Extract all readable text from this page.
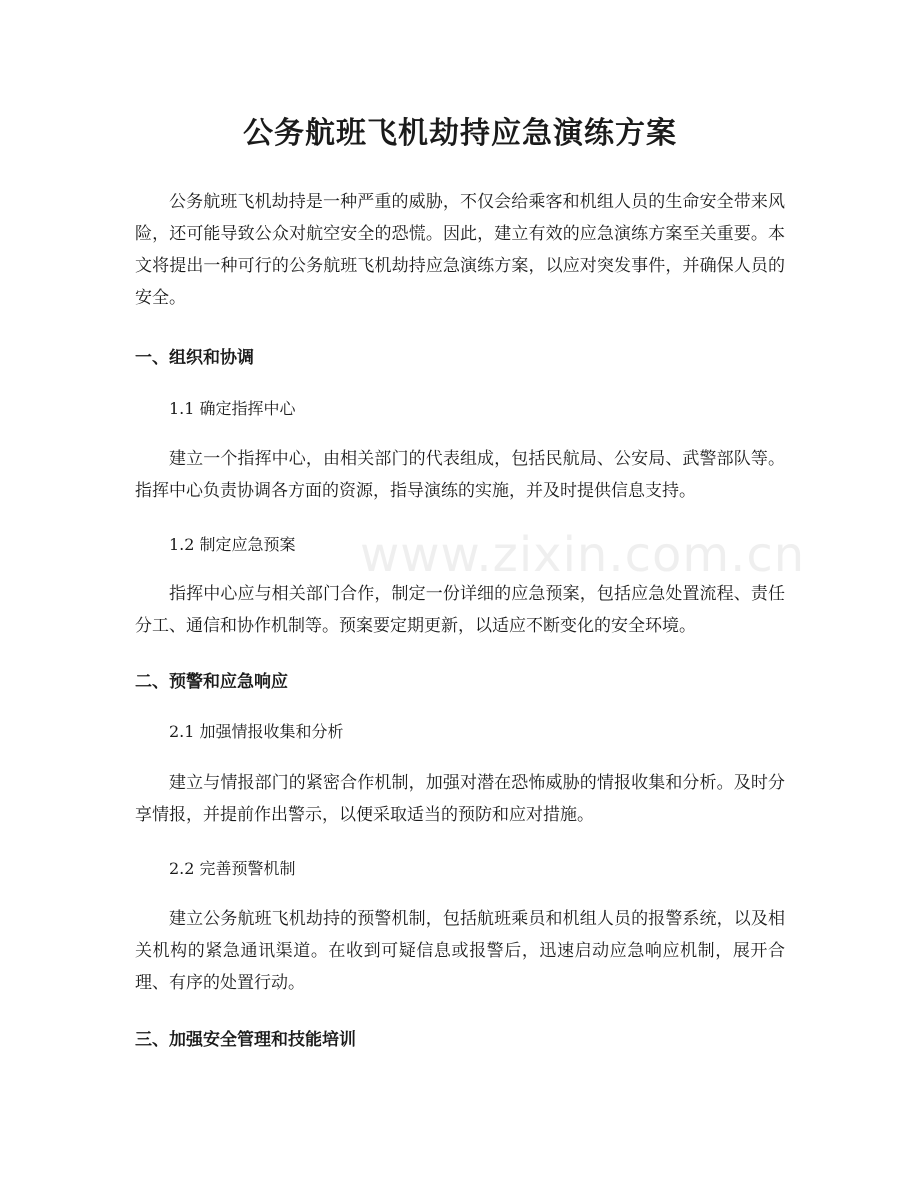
公务航班飞机劫持应急演练方案

公务航班飞机劫持是一种严重的威胁，不仅会给乘客和机组人员的生命安全带来风险，还可能导致公众对航空安全的恐慌。因此，建立有效的应急演练方案至关重要。本文将提出一种可行的公务航班飞机劫持应急演练方案，以应对突发事件，并确保人员的安全。

一、组织和协调

1.1 确定指挥中心

建立一个指挥中心，由相关部门的代表组成，包括民航局、公安局、武警部队等。指挥中心负责协调各方面的资源，指导演练的实施，并及时提供信息支持。

1.2 制定应急预案

指挥中心应与相关部门合作，制定一份详细的应急预案，包括应急处置流程、责任分工、通信和协作机制等。预案要定期更新，以适应不断变化的安全环境。

二、预警和应急响应

2.1 加强情报收集和分析

建立与情报部门的紧密合作机制，加强对潜在恐怖威胁的情报收集和分析。及时分享情报，并提前作出警示，以便采取适当的预防和应对措施。

2.2 完善预警机制

建立公务航班飞机劫持的预警机制，包括航班乘员和机组人员的报警系统，以及相关机构的紧急通讯渠道。在收到可疑信息或报警后，迅速启动应急响应机制，展开合理、有序的处置行动。

三、加强安全管理和技能培训
www.zixin.com.cn
